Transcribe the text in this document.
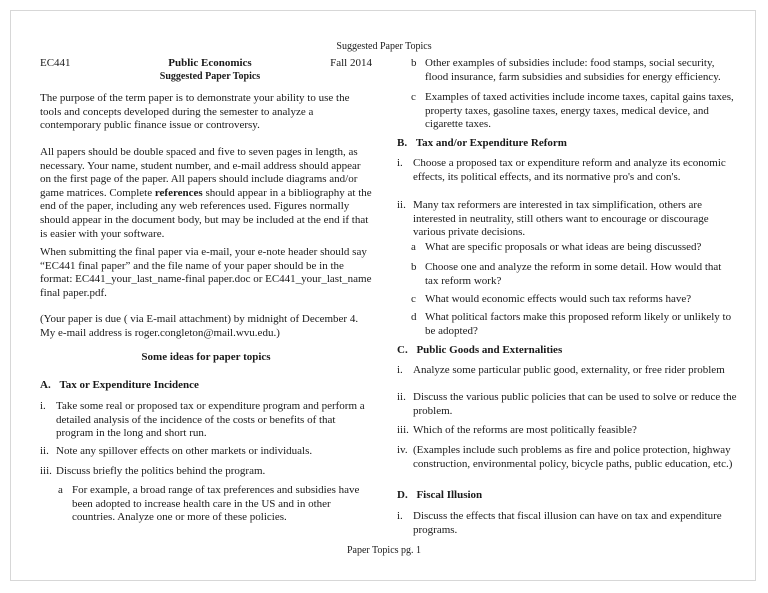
Suggested Paper Topics
EC441	Public Economics	Fall 2014
Suggested Paper Topics
The purpose of the term paper is to demonstrate your ability to use the tools and concepts developed during the semester to analyze a contemporary public finance issue or controversy.
All papers should be double spaced and five to seven pages in length, as necessary. Your name, student number, and e-mail address should appear on the first page of the paper. All papers should include diagrams and/or game matrices. Complete references should appear in a bibliography at the end of the paper, including any web references used. Figures normally should appear in the document body, but may be included at the end if that is easier with your software.
When submitting the final paper via e-mail, your e-note header should say “EC441 final paper” and the file name of your paper should be in the format: EC441_your_last_name-final paper.doc or EC441_your_last_name final paper.pdf.
(Your paper is due ( via E-mail attachment) by midnight of December 4. My e-mail address is roger.congleton@mail.wvu.edu.)
Some ideas for paper topics
A. Tax or Expenditure Incidence
i. Take some real or proposed tax or expenditure program and perform a detailed analysis of the incidence of the costs or benefits of that program in the long and short run.
ii. Note any spillover effects on other markets or individuals.
iii. Discuss briefly the politics behind the program.
a For example, a broad range of tax preferences and subsidies have been adopted to increase health care in the US and in other countries. Analyze one or more of these policies.
b Other examples of subsidies include: food stamps, social security, flood insurance, farm subsidies and subsidies for energy efficiency.
c Examples of taxed activities include income taxes, capital gains taxes, property taxes, gasoline taxes, energy taxes, medical device, and cigarette taxes.
B. Tax and/or Expenditure Reform
i. Choose a proposed tax or expenditure reform and analyze its economic effects, its political effects, and its normative pro's and con's.
ii. Many tax reformers are interested in tax simplification, others are interested in neutrality, still others want to encourage or discourage various private decisions.
a What are specific proposals or what ideas are being discussed?
b Choose one and analyze the reform in some detail. How would that tax reform work?
c What would economic effects would such tax reforms have?
d What political factors make this proposed reform likely or unlikely to be adopted?
C. Public Goods and Externalities
i. Analyze some particular public good, externality, or free rider problem
ii. Discuss the various public policies that can be used to solve or reduce the problem.
iii. Which of the reforms are most politically feasible?
iv. (Examples include such problems as fire and police protection, highway construction, environmental policy, bicycle paths, public education, etc.)
D. Fiscal Illusion
i. Discuss the effects that fiscal illusion can have on tax and expenditure programs.
Paper Topics pg. 1
